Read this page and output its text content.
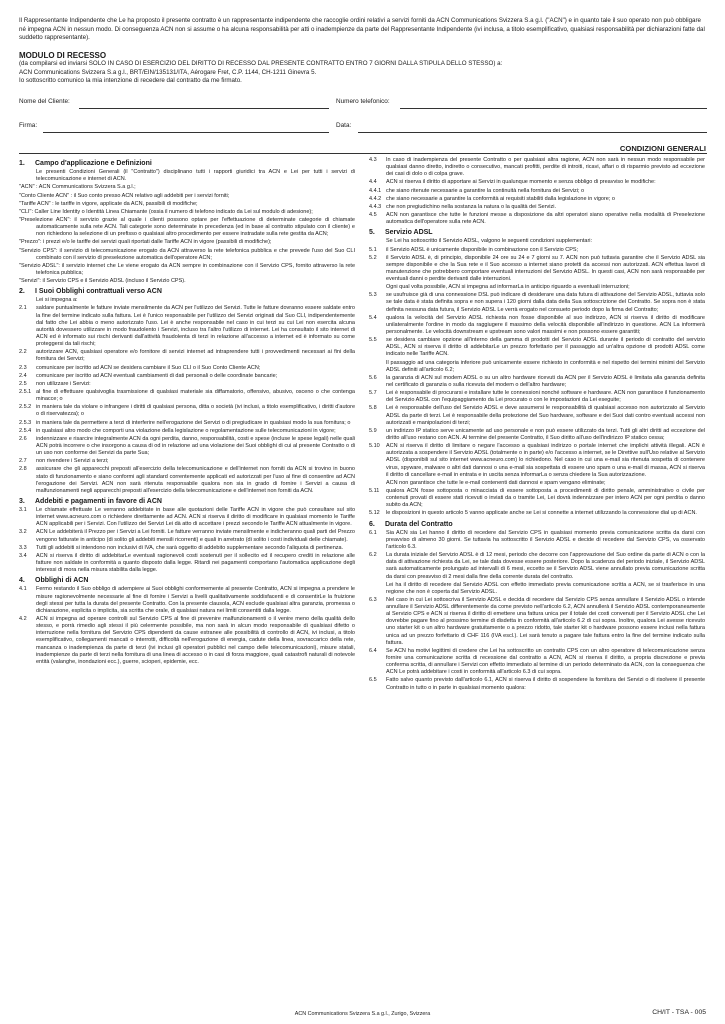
Il Rappresentante Indipendente che Le ha proposto il presente contratto è un rappresentante indipendente che raccoglie ordini relativi a servizi forniti da ACN Communications Svizzera S.a g.l. ("ACN") e in quanto tale il suo operato non può obbligare né impegna ACN in nessun modo. Di conseguenza ACN non si assume o ha alcuna responsabilità per atti o inadempienze da parte del Rappresentante Indipendente (ivi inclusa, a titolo esemplificativo, qualsiasi responsabilità per dichiarazioni fatte dal suddetto rappresentante).

MODULO DI RECESSO
(da compilarsi ed inviarsi SOLO IN CASO DI ESERCIZIO DEL DIRITTO DI RECESSO DAL PRESENTE CONTRATTO ENTRO 7 GIORNI DALLA STIPULA DELLO STESSO) a:
ACN Communications Svizzera S.a g.l., BRT/EIN/135131/ITA, Aérogare Fret, C.P. 1144, CH-1211 Ginevra 5.
Io sottoscritto comunico la mia intenzione di recedere dal contratto da me firmato.
Nome del Cliente:	Numero telefonico:
Firma:	Data:
CONDIZIONI GENERALI
1.	Campo d'applicazione e Definizioni
Le presenti Condizioni Generali (il "Contratto") disciplinano tutti i rapporti giuridici tra ACN e Lei per tutti i servizi di telecomunicazione e internet di ACN.
"ACN" : ACN Communications Svizzera S.a g.l.;
"Conto Cliente ACN" : il Suo conto presso ACN relativo agli addebiti per i servizi forniti;
"Tariffe ACN" : le tariffe in vigore, applicate da ACN, passibili di modifiche;
"CLI": Caller Line Identity o Identità Linea Chiamante (ossia il numero di telefono indicato da Lei sul modulo di adesione);
"Preselezione ACN": il servizio grazie al quale i clienti possono optare per l'effettuazione di determinate categorie di chiamate automaticamente sulla rete ACN. Tali categorie sono determinate in precedenza (ed in base al contratto stipulato con il cliente) e non richiedono la selezione di un prefisso o qualsiasi altro procedimento per essere instradate sulla rete gestita da ACN;
"Prezzo": i prezzi e/o le tariffe dei servizi quali riportati dalle Tariffe ACN in vigore (passibili di modifiche);
"Servizio CPS": il servizio di telecomunicazione erogato da ACN attraverso la rete telefonica pubblica e che prevede l'uso del Suo CLI combinato con il servizio di preselezione automatica dell'operatore ACN;
"Servizio ADSL": il servizio internet che Le viene erogato da ACN sempre in combinazione con il Servizio CPS, fornito attraverso la rete telefonica pubblica;
"Servizi": il Servizio CPS e il Servizio ADSL (incluso il Servizio CPS).
2.	I Suoi Obblighi contrattuali verso ACN
Lei si impegna a:
2.1	saldare puntualmente le fatture inviate mensilmente da ACN per l'utilizzo dei Servizi. Tutte le fatture dovranno essere saldate entro la fine del termine indicato sulla fattura. Lei è l'unico responsabile per l'utilizzo dei Servizi originati dal Suo CLI, indipendentemente dal fatto che Lei abbia o meno autorizzato l'uso. Lei è anche responsabile nel caso in cui terzi su cui Lei non esercita alcuna autorità dovessero utilizzare in modo fraudolento i Servizi, incluso tra l'altro l'utilizzo di internet. Lei ha consultato il sito internet di ACN ed è informato sui rischi derivanti dall'attività fraudolenta di terzi in relazione all'accesso a internet ed è informato su come proteggersi da tali rischi;
2.2	autorizzare ACN, qualsiasi operatore e/o fornitore di servizi internet ad intraprendere tutti i provvedimenti necessari ai fini della fornitura dei Servizi;
2.3	comunicare per iscritto ad ACN se desidera cambiare il Suo CLI o il Suo Conto Cliente ACN;
2.4	comunicare per iscritto ad ACN eventuali cambiamenti di dati personali o delle coordinate bancarie;
2.5	non utilizzare i Servizi:
2.5.1 al fine di effettuare qualsivoglia trasmissione di qualsiasi materiale sia diffamatorio, offensivo, abusivo, osceno o che contenga minacce; o
2.5.2 in maniera tale da violare o infrangere i diritti di qualsiasi persona, ditta o società (ivi inclusi, a titolo esemplificativo, i diritti d'autore o di riservatezza); o
2.5.3 in maniera tale da permettere a terzi di interferire nell'erogazione dei Servizi o di pregiudicare in qualsiasi modo la sua fornitura; o
2.5.4 in qualsiasi altro modo che comporti una violazione della legislazione o regolamentazione sulle telecomunicazioni in vigore;
2.6	indennizzare e risarcire integralmente ACN da ogni perdita, danno, responsabilità, costi e spese (incluse le spese legali) nelle quali ACN potrà incorrere o che insorgono a causa di od in relazione ad una violazione dei Suoi obblighi di cui al presente Contratto o di un uso non conforme dei Servizi da parte Sua;
2.7	non rivendere i Servizi a terzi;
2.8	assicurare che gli apparecchi preposti all'esercizio della telecomunicazione e dell'internet non forniti da ACN si trovino in buono stato di funzionamento e siano conformi agli standard correntemente applicati ed autorizzati per l'uso al fine di consentire ad ACN l'erogazione dei Servizi. ACN non sarà ritenuta responsabile qualora non sia in grado di fornire i Servizi a causa di malfunzionamenti negli apparecchi preposti all'esercizio della telecomunicazione e dell'internet non forniti da ACN.
3.	Addebiti e pagamenti in favore di ACN
3.1	Le chiamate effettuate Le verranno addebitate in base alle quotazioni delle Tariffe ACN in vigore che può consultare sul sito internet www.acneuro.com o richiedere direttamente ad ACN. ACN si riserva il diritto di modificare in qualsiasi momento le Tariffe ACN applicabili per i Servizi. Con l'utilizzo dei Servizi Lei dà atto di accettare i prezzi secondo le Tariffe ACN attualmente in vigore.
3.2	ACN Le addebiterà il Prezzo per i Servizi a Lei forniti. Le fatture verranno inviate mensilmente e indicheranno quali parti del Prezzo vengono fatturate in anticipo (di solito gli addebiti mensili ricorrenti) e quali in arretrato (di solito i costi individuali delle chiamate).
3.3	Tutti gli addebiti si intendono non inclusivi di IVA, che sarà oggetto di addebito supplementare secondo l'aliquota di pertinenza.
3.4	ACN si riserva il diritto di addebitarLe eventuali ragionevoli costi sostenuti per il sollecito ed il recupero crediti in relazione alle fatture non saldate in conformità a quanto disposto dalla legge. Ritardi nei pagamenti comportano l'automatica applicazione degli interessi di mora nella misura stabilita dalla legge.
4.	Obblighi di ACN
4.1	Fermo restando il Suo obbligo di adempiere ai Suoi obblighi conformemente al presente Contratto, ACN si impegna a prendere le misure ragionevolmente necessarie al fine di fornire i Servizi a livelli qualitativamente soddisfacenti e di consentirLe la fruizione degli stessi per tutta la durata del presente Contratto. Con la presente clausola, ACN esclude qualsiasi altra garanzia, promessa o dichiarazione, esplicita o implicita, sia scritta che orale, di qualsiasi natura nei limiti consentiti dalla legge.
4.2	ACN si impegna ad operare controlli sul Servizio CPS al fine di prevenire malfunzionamenti o il venire meno della qualità dello stesso, e porrà rimedio agli stessi il più celermente possibile, ma non sarà in alcun modo responsabile di qualsiasi difetto o interruzione nella fornitura del Servizio CPS dipendenti da cause estranee alle possibilità di controllo di ACN, ivi inclusi, a titolo esemplificativo, collegamenti mancati o interrotti, difficoltà nell'erogazione di energia, cadute della linea, sovraccarico della rete, mancanza o inadempienza da parte di terzi (ivi inclusi gli operatori pubblici nel campo delle telecomunicazioni), misure statali, inadempienze da parte di terzi nella fornitura di una linea di accesso o in casi di forza maggiore, quali catastrofi naturali di notevole entità (valanghe, inondazioni ecc.), guerre, scioperi, epidemie, ecc.
4.3	In caso di inadempienza del presente Contratto o per qualsiasi altra ragione, ACN non sarà in nessun modo responsabile per qualsiasi danno diretto, indiretto o consecutivo, mancati profitti, perdite di introiti, ricavi, affari o di risparmio previsto ad eccezione dei casi di dolo o di colpa grave.
4.4	ACN si riserva il diritto di apportare ai Servizi in qualunque momento e senza obbligo di preavviso le modifiche:
4.4.1 che siano ritenute necessarie a garantire la continuità nella fornitura dei Servizi; o
4.4.2 che siano necessarie a garantire la conformità ai requisiti stabiliti dalla legislazione in vigore; o
4.4.3 che non pregiudichino nella sostanza la natura o la qualità dei Servizi.
4.5	ACN non garantisce che tutte le funzioni messe a disposizione da altri operatori siano operative nella modalità di Preselezione automatica dell'operatore sulla rete ACN.
5.	Servizio ADSL
Se Lei ha sottoscritto il Servizio ADSL, valgono le seguenti condizioni supplementari:
5.1	il Servizio ADSL è unicamente disponibile in combinazione con il Servizio CPS;
5.2	il Servizio ADSL è, di principio, disponibile 24 ore su 24 e 7 giorni su 7. ACN non può tuttavia garantire che il Servizio ADSL sia sempre disponibile e che la Sua rete e il Suo accesso a internet siano protetti da accessi non autorizzati. ACN effettua lavori di manutenzione che potrebbero comportare eventuali interruzioni del Servizio ADSL. In questi casi, ACN non sarà responsabile per eventuali danni o perdite derivanti dalle interruzioni.
Ogni qual volta possibile, ACN si impegna ad informarLa in anticipo riguardo a eventuali interruzioni;
5.3	se usufruisce già di una connessione DSL può indicare di desiderare una data futura di attivazione del Servizio ADSL, tuttavia solo se tale data è stata definita sopra e non supera i 120 giorni dalla data della Sua sottoscrizione del Contratto. Se sopra non è stata definita nessuna data futura, il Servizio ADSL Le verrà erogato nel consueto periodo dopo la firma del Contratto;
5.4	qualora la velocità del Servizio ADSL richiesta non fosse disponibile al suo indirizzo, ACN si riserva il diritto di modificare unilateralmente l'ordine in modo da raggiugere il massimo della velocità disponibile all'indirizzo in questione. ACN La informerà personalmente. Le velocità downstream e upstream sono valori massimi e non possono essere garantiti;
5.5	se desidera cambiare opzione all'interno della gamma di prodotti del Servizio ADSL durante il periodo di contratto del servizio ADSL, ACN si riserva il diritto di addebitarLe un prezzo forfettario per il passaggio ad un'altra opzione di prodotti ADSL come indicato nelle Tariffe ACN.
Il passaggio ad una categoria inferiore può unicamente essere richiesto in conformità e nel rispetto dei termini minimi del Servizio ADSL definiti all'articolo 6.2;
5.6	la garanzia di ACN sul modem ADSL o su un altro hardware ricevuti da ACN per il Servizio ADSL è limitata alla garanzia definita nel certificato di garanzia o sulla ricevuta del modem o dell'altro hardware;
5.7	Lei è responsabile di procurarsi e installare tutte le connessioni nonché software e hardware. ACN non garantisce il funzionamento del Servizio ADSL con l'equipaggiamento da Lei procurato o con le impostazioni da Lei eseguite;
5.8	Lei è responsabile dell'uso del Servizio ADSL e deve assumersi le responsabilità di qualsiasi accesso non autorizzato al Servizio ADSL da parte di terzi. Lei è responsabile della protezione del Suo hardware, software e dei Suoi dati contro eventuali accessi non autorizzati e manipolazioni di terzi;
5.9	un indirizzo IP statico serve unicamente ad uso personale e non può essere utilizzato da terzi. Tutti gli altri diritti ad eccezione del diritto all'uso restano con ACN. Al termine del presente Contratto, il Suo diritto all'uso dell'indirizzo IP statico cessa;
5.10	ACN si riserva il diritto di limitare o negare l'accesso a qualsiasi indirizzo o portale internet che implichi attività illegali. ACN è autorizzata a sospendere il Servizio ADSL (totalmente o in parte) e/o l'accesso a internet, se le Direttive sull'Uso relative al Servizio ADSL (disponibili sul sito internet www.acneuro.com) lo richiedono. Nel caso in cui una e-mail sia ritenuta sospetta di contenere virus, spyware, malware o altri dati dannosi o una e-mail sia sospettata di essere uno spam o una e-mail di massa, ACN si riserva il diritto di cancellare e-mail in entrata e in uscita senza informarLa o senza chiedere la Sua autorizzazione.
ACN non garantisce che tutte le e-mail contenenti dati dannosi e spam vengano eliminate;
5.11	qualora ACN fosse sottoposta o minacciata di essere sottoposta a procedimenti di diritto penale, amministrativo o civile per contenuti provati di essere stati ricevuti o inviati da o tramite Lei, Lei dovrà indennizzare per intero ACN per ogni perdita o danno subito da ACN;
5.12	le disposizioni in questo articolo 5 vanno applicate anche se Lei si connette a internet utilizzando la connessione dial up di ACN.
6.	Durata del Contratto
6.1	Sia ACN sia Lei hanno il diritto di recedere dal Servizio CPS in qualsiasi momento previa comunicazione scritta da darsi con preavviso di almeno 30 giorni. Se tuttavia ha sottoscritto il Servizio ADSL e decide di recedere dal Servizio CPS, va osservato l'articolo 6.3.
6.2	La durata iniziale del Servizio ADSL è di 12 mesi, periodo che decorre con l'approvazione del Suo ordine da parte di ACN o con la data di attivazione richiesta da Lei, se tale data dovesse essere posteriore. Dopo la scadenza del periodo iniziale, il Servizio ADSL sarà automaticamente prolungato ad intervalli di 6 mesi, eccetto se il Servizio ADSL viene annullato previa comunicazione scritta da darsi con preavviso di 2 mesi dalla fine della corrente durata del contratto.
Lei ha il diritto di recedere dal Servizio ADSL con effetto immediato previa comunicazione scritta a ACN, se si trasferisce in una regione che non è coperta dal Servizio ADSL.
6.3	Nel caso in cui Lei sottoscriva il Servizio ADSL e decida di recedere dal Servizio CPS senza annullare il Servizio ADSL o intende annullare il Servizio ADSL differentemente da come previsto nell'articolo 6.2, ACN annullerà il Servizio ADSL contemporaneamente al Servizio CPS e ACN si riserva il diritto di emettere una fattura unica per il totale dei costi convenuti per il Servizio ADSL che Lei dovrebbe pagare fino al prossimo termine di disdetta in conformità all'articolo 6.2 di cui sopra. Inoltre, qualora Lei avesse ricevuto uno starter kit o un altro hardware gratuitamente o a prezzo ridotto, tale starter kit o hardware possono essere inclusi nella fattura unica ad un prezzo forfettario di CHF 116 (IVA escl.). Lei sarà tenuto a pagare tale fattura entro la fine del termine indicato sulla fattura.
6.4	Se ACN ha motivi legittimi di credere che Lei ha sottoscritto un contratto CPS con un altro operatore di telecomunicazione senza fornire una comunicazione scritta di recessione dal contratto a ACN, ACN si riserva il diritto, a propria discrezione e previa conferma scritta, di annullare i Servizi con effetto immediato al termine di un periodo determinato da ACN, con la conseguenza che ACN Le potrà addebitare i costi in conformità all'articolo 6.3 di cui sopra.
6.5	Fatto salvo quanto previsto dall'articolo 6.1, ACN si riserva il diritto di sospendere la fornitura dei Servizi o di risolvere il presente Contratto in tutto o in parte in qualsiasi momento qualora:
ACN Communications Svizzera S.a g.l., Zurigo, Svizzera	CH/IT - TSA - 005
